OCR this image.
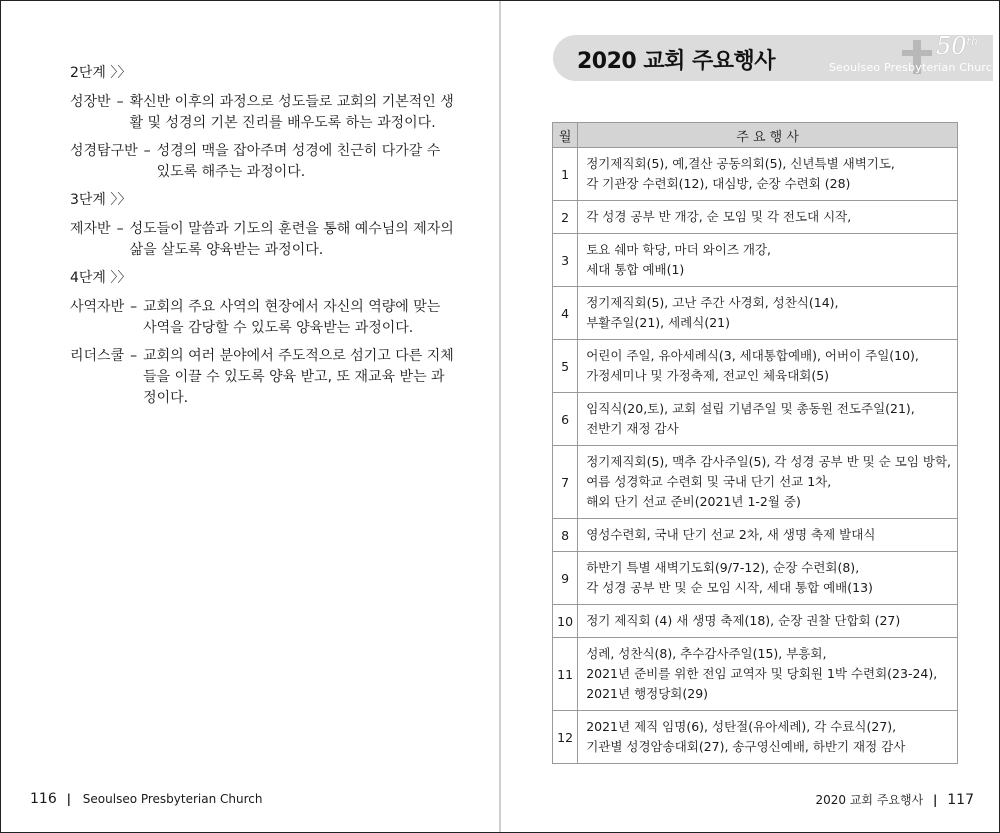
2단계 〉〉
성장반 – 확신반 이후의 과정으로 성도들로 교회의 기본적인 생
활 및 성경의 기본 진리를 배우도록 하는 과정이다.
성경탐구반 – 성경의 맥을 잡아주며 성경에 친근히 다가갈 수
있도록 해주는 과정이다.
3단계 〉〉
제자반 – 성도들이 말씀과 기도의 훈련을 통해 예수님의 제자의
삶을 살도록 양육받는 과정이다.
4단계 〉〉
사역자반 – 교회의 주요 사역의 현장에서 자신의 역량에 맞는
사역을 감당할 수 있도록 양육받는 과정이다.
리더스쿨 – 교회의 여러 분야에서 주도적으로 섬기고 다른 지체
들을 이끌 수 있도록 양육 받고, 또 재교육 받는 과
정이다.
2020 교회 주요행사
50th
Seoulseo Presbyterian Church
월	주 요 행 사
1	정기제직회(5), 예,결산 공동의회(5), 신년특별 새벽기도,
각 기관장 수련회(12), 대심방, 순장 수련회 (28)

2	각 성경 공부 반 개강, 순 모임 및 각 전도대 시작,

3	토요 쉐마 학당, 마더 와이즈 개강,
세대 통합 예배(1)

4	정기제직회(5), 고난 주간 사경회, 성찬식(14),
부활주일(21), 세례식(21)

5	어린이 주일, 유아세례식(3, 세대통합예배), 어버이 주일(10),
가정세미나 및 가정축제, 전교인 체육대회(5)

6	임직식(20,토), 교회 설립 기념주일 및 총동원 전도주일(21),
전반기 재정 감사

7	정기제직회(5), 맥추 감사주일(5), 각 성경 공부 반 및 순 모임 방학,
여름 성경학교 수련회 및 국내 단기 선교 1차,
해외 단기 선교 준비(2021년 1-2월 중)

8	영성수련회, 국내 단기 선교 2차, 새 생명 축제 발대식

9	하반기 특별 새벽기도회(9/7-12), 순장 수련회(8),
각 성경 공부 반 및 순 모임 시작, 세대 통합 예배(13)

10	정기 제직회 (4) 새 생명 축제(18), 순장 권찰 단합회 (27)

11	성례, 성찬식(8), 추수감사주일(15), 부흥회,
2021년 준비를 위한 전임 교역자 및 당회원 1박 수련회(23-24),
2021년 행정당회(29)

12	2021년 제직 임명(6), 성탄절(유아세례), 각 수료식(27),
기관별 성경암송대회(27), 송구영신예배, 하반기 재정 감사
116 | Seoulseo Presbyterian Church	2020 교회 주요행사 | 117
